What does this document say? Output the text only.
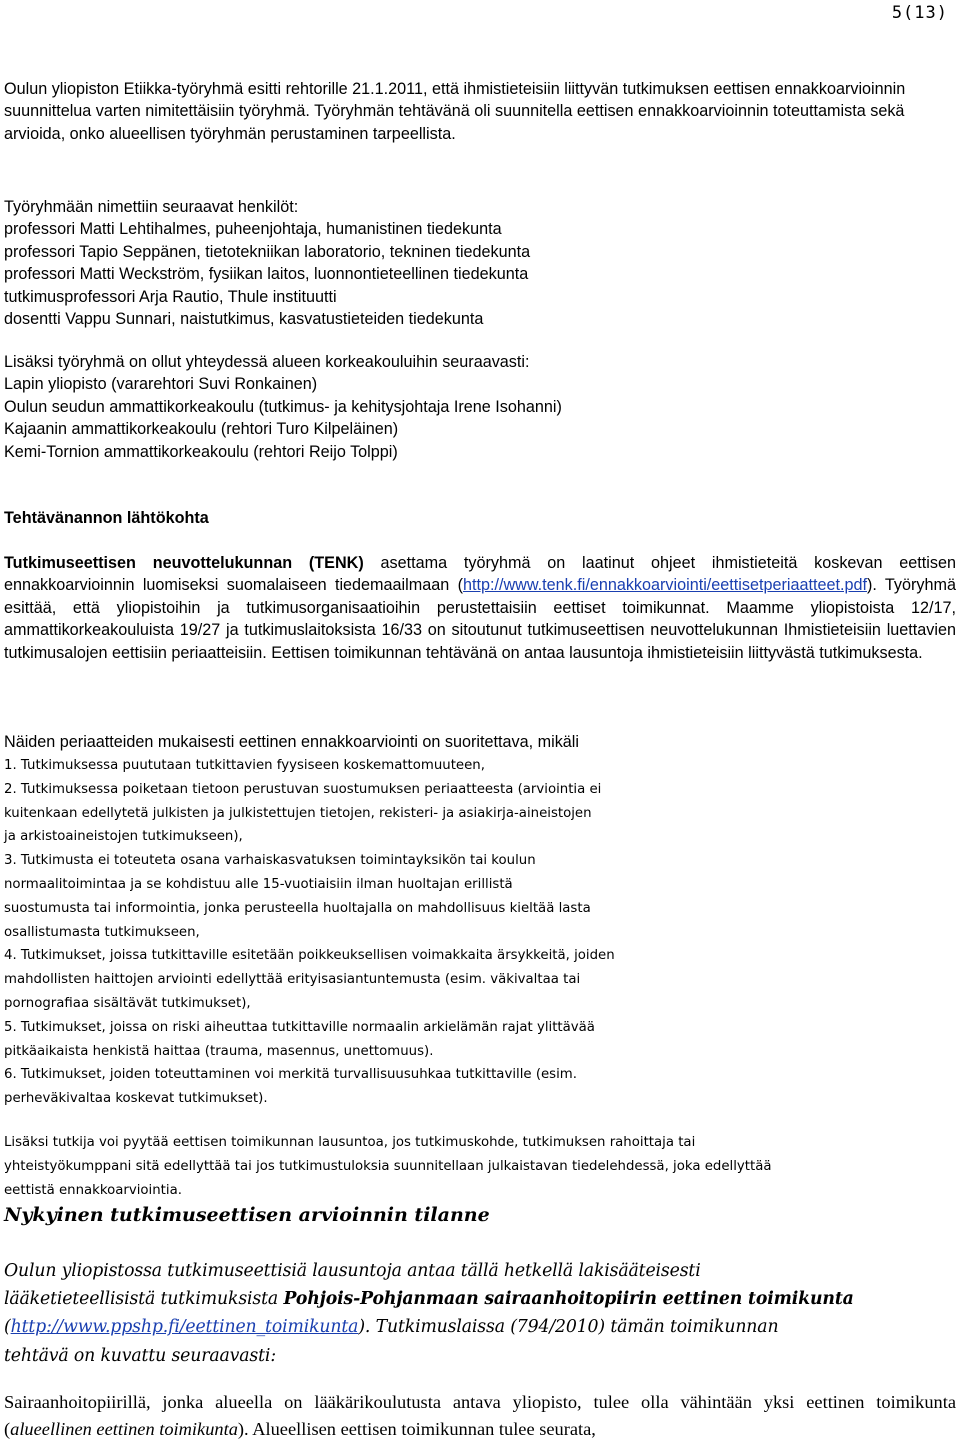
5(13)

Oulun yliopiston Etiikka-työryhmä esitti rehtorille 21.1.2011, että ihmistieteisiin liittyvän tutkimuksen eettisen ennakkoarvioinnin suunnittelua varten nimitettäisiin työryhmä. Työryhmän tehtävänä oli suunnitella eettisen ennakkoarvioinnin toteuttamista sekä arvioida, onko alueellisen työryhmän perustaminen tarpeellista.

Työryhmään nimettiin seuraavat henkilöt:

professori Matti Lehtihalmes, puheenjohtaja, humanistinen tiedekunta

professori Tapio Seppänen, tietotekniikan laboratorio, tekninen tiedekunta

professori Matti Weckström, fysiikan laitos, luonnontieteellinen tiedekunta

tutkimusprofessori Arja Rautio, Thule instituutti

dosentti Vappu Sunnari, naistutkimus, kasvatustieteiden tiedekunta

Lisäksi työryhmä on ollut yhteydessä alueen korkeakouluihin seuraavasti:

Lapin yliopisto (vararehtori Suvi Ronkainen)

Oulun seudun ammattikorkeakoulu (tutkimus- ja kehitysjohtaja Irene Isohanni)

Kajaanin ammattikorkeakoulu (rehtori Turo Kilpeläinen)

Kemi-Tornion ammattikorkeakoulu (rehtori Reijo Tolppi)

Tehtävänannon lähtökohta

Tutkimuseettisen neuvottelukunnan (TENK) asettama työryhmä on laatinut ohjeet ihmistieteitä koskevan eettisen ennakkoarvioinnin luomiseksi suomalaiseen tiedemaailmaan (http://www.tenk.fi/ennakkoarviointi/eettisetperiaatteet.pdf). Työryhmä esittää, että yliopistoihin ja tutkimusorganisaatioihin perustettaisiin eettiset toimikunnat. Maamme yliopistoista 12/17, ammattikorkeakouluista 19/27 ja tutkimuslaitoksista 16/33 on sitoutunut tutkimuseettisen neuvottelukunnan Ihmistieteisiin luettavien tutkimusalojen eettisiin periaatteisiin. Eettisen toimikunnan tehtävänä on antaa lausuntoja ihmistieteisiin liittyvästä tutkimuksesta.

Näiden periaatteiden mukaisesti eettinen ennakkoarviointi on suoritettava, mikäli

1. Tutkimuksessa puututaan tutkittavien fyysiseen koskemattomuuteen,

2. Tutkimuksessa poiketaan tietoon perustuvan suostumuksen periaatteesta (arviointia ei

kuitenkaan edellytetä julkisten ja julkistettujen tietojen, rekisteri- ja asiakirja-aineistojen

ja arkistoaineistojen tutkimukseen),

3. Tutkimusta ei toteuteta osana varhaiskasvatuksen toimintayksikön tai koulun

normaalitoimintaa ja se kohdistuu alle 15-vuotiaisiin ilman huoltajan erillistä

suostumusta tai informointia, jonka perusteella huoltajalla on mahdollisuus kieltää lasta

osallistumasta tutkimukseen,

4. Tutkimukset, joissa tutkittaville esitetään poikkeuksellisen voimakkaita ärsykkeitä, joiden

mahdollisten haittojen arviointi edellyttää erityisasiantuntemusta (esim. väkivaltaa tai

pornografiaa sisältävät tutkimukset),

5. Tutkimukset, joissa on riski aiheuttaa tutkittaville normaalin arkielämän rajat ylittävää

pitkäaikaista henkistä haittaa (trauma, masennus, unettomuus).

6. Tutkimukset, joiden toteuttaminen voi merkitä turvallisuusuhkaa tutkittaville (esim.

perheväkivaltaa koskevat tutkimukset).

Lisäksi tutkija voi pyytää eettisen toimikunnan lausuntoa, jos tutkimuskohde, tutkimuksen rahoittaja tai

yhteistyökumppani sitä edellyttää tai jos tutkimustuloksia suunnitellaan julkaistavan tiedelehdessä, joka edellyttää

eettistä ennakkoarviointia.

Nykyinen tutkimuseettisen arvioinnin tilanne
Oulun yliopistossa tutkimuseettisiä lausuntoja antaa tällä hetkellä lakisääteisesti
lääketieteellisistä tutkimuksista Pohjois-Pohjanmaan sairaanhoitopiirin eettinen toimikunta
(http://www.ppshp.fi/eettinen_toimikunta). Tutkimuslaissa (794/2010) tämän toimikunnan
tehtävä on kuvattu seuraavasti:

Sairaanhoitopiirillä, jonka alueella on lääkärikoulutusta antava yliopisto, tulee olla vähintään yksi eettinen toimikunta (alueellinen eettinen toimikunta). Alueellisen eettisen toimikunnan tulee seurata,
